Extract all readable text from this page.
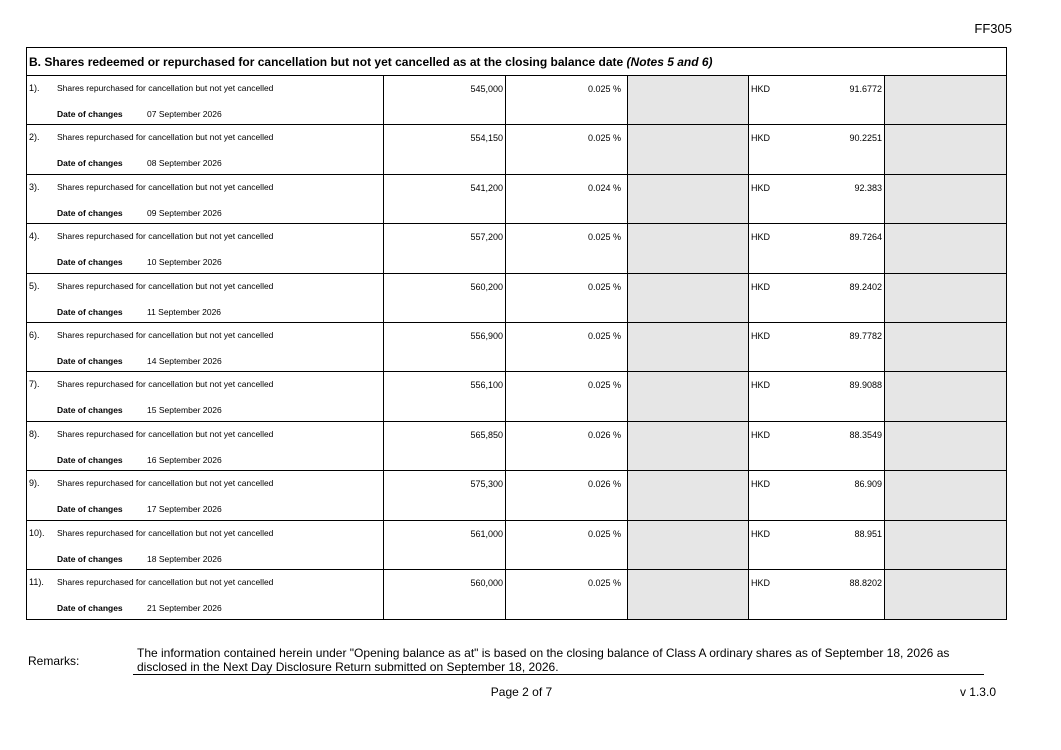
FF305
B. Shares redeemed or repurchased for cancellation but not yet cancelled as at the closing balance date (Notes 5 and 6)
1). Shares repurchased for cancellation but not yet cancelled
Date of changes	07 September 2026
545,000	0.025 %	HKD	91.6772
2). Shares repurchased for cancellation but not yet cancelled
Date of changes	08 September 2026
554,150	0.025 %	HKD	90.2251
3). Shares repurchased for cancellation but not yet cancelled
Date of changes	09 September 2026
541,200	0.024 %	HKD	92.383
4). Shares repurchased for cancellation but not yet cancelled
Date of changes	10 September 2026
557,200	0.025 %	HKD	89.7264
5). Shares repurchased for cancellation but not yet cancelled
Date of changes	11 September 2026
560,200	0.025 %	HKD	89.2402
6). Shares repurchased for cancellation but not yet cancelled
Date of changes	14 September 2026
556,900	0.025 %	HKD	89.7782
7). Shares repurchased for cancellation but not yet cancelled
Date of changes	15 September 2026
556,100	0.025 %	HKD	89.9088
8). Shares repurchased for cancellation but not yet cancelled
Date of changes	16 September 2026
565,850	0.026 %	HKD	88.3549
9). Shares repurchased for cancellation but not yet cancelled
Date of changes	17 September 2026
575,300	0.026 %	HKD	86.909
10). Shares repurchased for cancellation but not yet cancelled
Date of changes	18 September 2026
561,000	0.025 %	HKD	88.951
11). Shares repurchased for cancellation but not yet cancelled
Date of changes	21 September 2026
560,000	0.025 %	HKD	88.8202
Remarks:
The information contained herein under "Opening balance as at" is based on the closing balance of Class A ordinary shares as of September 18, 2026 as disclosed in the Next Day Disclosure Return submitted on September 18, 2026.
Page 2 of 7	v 1.3.0
